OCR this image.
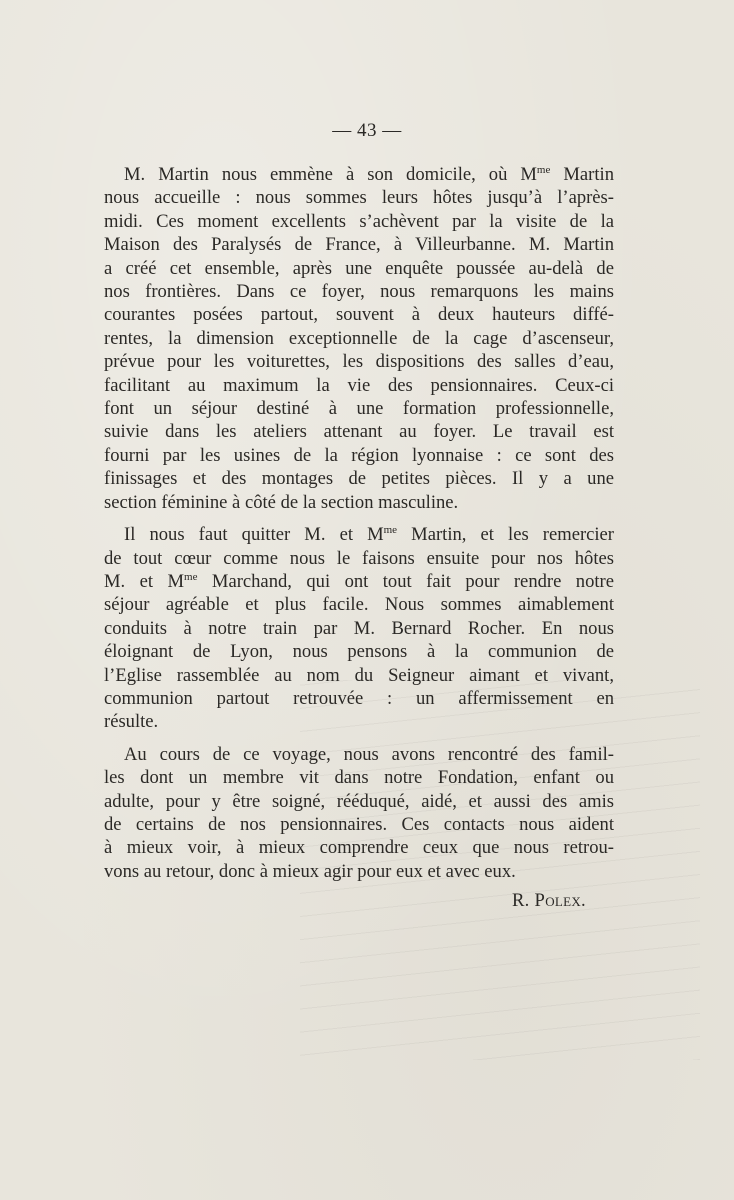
— 43 —

M. Martin nous emmène à son domicile, où $M^{me}$ Martin
nous accueille : nous sommes leurs hôtes jusqu’à l’après-
midi. Ces moment excellents s’achèvent par la visite de la
Maison des Paralysés de France, à Villeurbanne. M. Martin
a créé cet ensemble, après une enquête poussée au-delà de
nos frontières. Dans ce foyer, nous remarquons les mains
courantes posées partout, souvent à deux hauteurs diffé-
rentes, la dimension exceptionnelle de la cage d’ascenseur,
prévue pour les voiturettes, les dispositions des salles d’eau,
facilitant au maximum la vie des pensionnaires. Ceux-ci
font un séjour destiné à une formation professionnelle,
suivie dans les ateliers attenant au foyer. Le travail est
fourni par les usines de la région lyonnaise : ce sont des
finissages et des montages de petites pièces. Il y a une
section féminine à côté de la section masculine.

Il nous faut quitter M. et $M^{me}$ Martin, et les remercier
de tout cœur comme nous le faisons ensuite pour nos hôtes
M. et $M^{me}$ Marchand, qui ont tout fait pour rendre notre
séjour agréable et plus facile. Nous sommes aimablement
conduits à notre train par M. Bernard Rocher. En nous
éloignant de Lyon, nous pensons à la communion de
l’Eglise rassemblée au nom du Seigneur aimant et vivant,
communion partout retrouvée : un affermissement en
résulte.

Au cours de ce voyage, nous avons rencontré des famil-
les dont un membre vit dans notre Fondation, enfant ou
adulte, pour y être soigné, rééduqué, aidé, et aussi des amis
de certains de nos pensionnaires. Ces contacts nous aident
à mieux voir, à mieux comprendre ceux que nous retrou-
vons au retour, donc à mieux agir pour eux et avec eux.

R. Polex.
